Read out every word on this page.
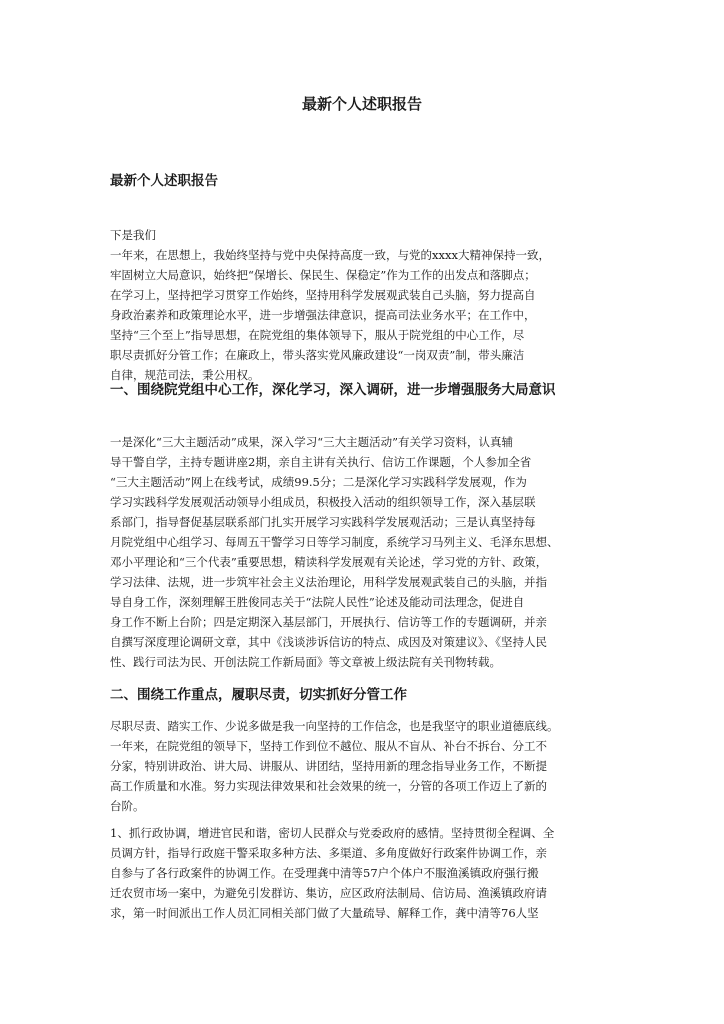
最新个人述职报告
最新个人述职报告
下是我们
一年来，在思想上，我始终坚持与党中央保持高度一致，与党的xxxx大精神保持一致，
牢固树立大局意识，始终把“保增长、保民生、保稳定”作为工作的出发点和落脚点；
在学习上，坚持把学习贯穿工作始终，坚持用科学发展观武装自己头脑，努力提高自
身政治素养和政策理论水平，进一步增强法律意识，提高司法业务水平；在工作中，
坚持“三个至上”指导思想，在院党组的集体领导下，服从于院党组的中心工作，尽
职尽责抓好分管工作；在廉政上，带头落实党风廉政建设“一岗双责”制，带头廉洁
自律，规范司法，秉公用权。
一、围绕院党组中心工作，深化学习，深入调研，进一步增强服务大局意识
一是深化“三大主题活动”成果，深入学习“三大主题活动”有关学习资料，认真辅
导干警自学，主持专题讲座2期，亲自主讲有关执行、信访工作课题，个人参加全省
“三大主题活动”网上在线考试，成绩99.5分；二是深化学习实践科学发展观，作为
学习实践科学发展观活动领导小组成员，积极投入活动的组织领导工作，深入基层联
系部门，指导督促基层联系部门扎实开展学习实践科学发展观活动；三是认真坚持每
月院党组中心组学习、每周五干警学习日等学习制度，系统学习马列主义、毛泽东思想、
邓小平理论和“三个代表”重要思想，精读科学发展观有关论述，学习党的方针、政策，
学习法律、法规，进一步筑牢社会主义法治理论，用科学发展观武装自己的头脑，并指
导自身工作，深刻理解王胜俊同志关于“法院人民性”论述及能动司法理念，促进自
身工作不断上台阶；四是定期深入基层部门，开展执行、信访等工作的专题调研，并亲
自撰写深度理论调研文章，其中《浅谈涉诉信访的特点、成因及对策建议》、《坚持人民
性、践行司法为民、开创法院工作新局面》等文章被上级法院有关刊物转载。
二、围绕工作重点，履职尽责，切实抓好分管工作
尽职尽责、踏实工作、少说多做是我一向坚持的工作信念，也是我坚守的职业道德底线。
一年来，在院党组的领导下，坚持工作到位不越位、服从不盲从、补台不拆台、分工不
分家，特别讲政治、讲大局、讲服从、讲团结，坚持用新的理念指导业务工作，不断提
高工作质量和水准。努力实现法律效果和社会效果的统一，分管的各项工作迈上了新的
台阶。
1、抓行政协调，增进官民和谐，密切人民群众与党委政府的感情。坚持贯彻全程调、全
员调方针，指导行政庭干警采取多种方法、多渠道、多角度做好行政案件协调工作，亲
自参与了各行政案件的协调工作。在受理龚中清等57户个体户不服渔溪镇政府强行搬
迁农贸市场一案中，为避免引发群访、集访，应区政府法制局、信访局、渔溪镇政府请
求，第一时间派出工作人员汇同相关部门做了大量疏导、解释工作，龚中清等76人坚
